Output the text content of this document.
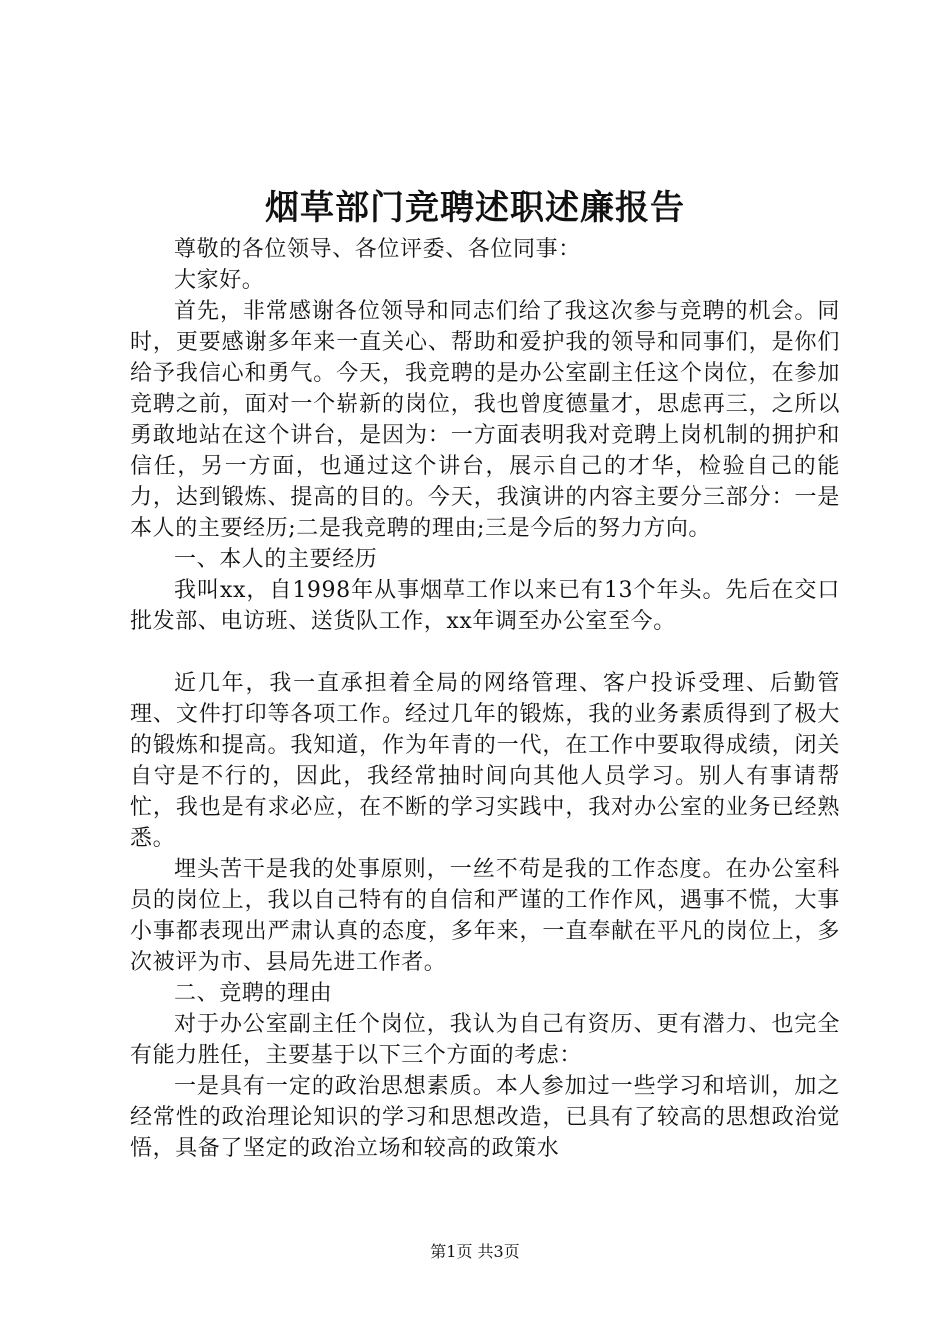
烟草部门竞聘述职述廉报告

尊敬的各位领导、各位评委、各位同事：

大家好。

首先，非常感谢各位领导和同志们给了我这次参与竞聘的机会。同时，更要感谢多年来一直关心、帮助和爱护我的领导和同事们，是你们给予我信心和勇气。今天，我竞聘的是办公室副主任这个岗位，在参加竞聘之前，面对一个崭新的岗位，我也曾度德量才，思虑再三，之所以勇敢地站在这个讲台，是因为：一方面表明我对竞聘上岗机制的拥护和信任，另一方面，也通过这个讲台，展示自己的才华，检验自己的能力，达到锻炼、提高的目的。今天，我演讲的内容主要分三部分：一是本人的主要经历;二是我竞聘的理由;三是今后的努力方向。

一、本人的主要经历

我叫xx，自1998年从事烟草工作以来已有13个年头。先后在交口批发部、电访班、送货队工作，xx年调至办公室至今。

近几年，我一直承担着全局的网络管理、客户投诉受理、后勤管理、文件打印等各项工作。经过几年的锻炼，我的业务素质得到了极大的锻炼和提高。我知道，作为年青的一代，在工作中要取得成绩，闭关自守是不行的，因此，我经常抽时间向其他人员学习。别人有事请帮忙，我也是有求必应，在不断的学习实践中，我对办公室的业务已经熟悉。

埋头苦干是我的处事原则，一丝不苟是我的工作态度。在办公室科员的岗位上，我以自己特有的自信和严谨的工作作风，遇事不慌，大事小事都表现出严肃认真的态度，多年来，一直奉献在平凡的岗位上，多次被评为市、县局先进工作者。

二、竞聘的理由

对于办公室副主任个岗位，我认为自己有资历、更有潜力、也完全有能力胜任，主要基于以下三个方面的考虑：

一是具有一定的政治思想素质。本人参加过一些学习和培训，加之经常性的政治理论知识的学习和思想改造，已具有了较高的思想政治觉悟，具备了坚定的政治立场和较高的政策水

第1页 共3页
